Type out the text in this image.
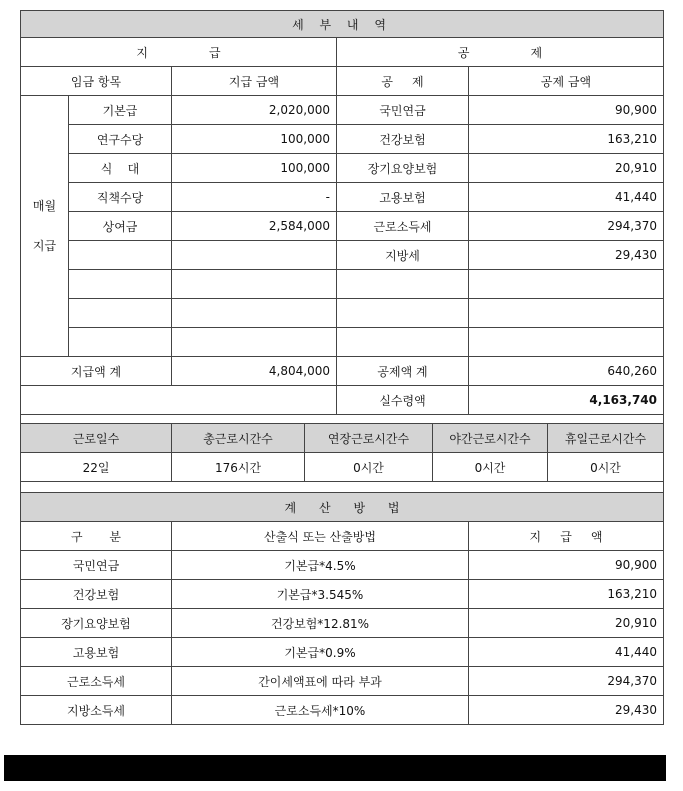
세 부 내 역				
지                급			공                제	
임금 항목		지급 금액	공     제	공제 금액

매월
지급	기본급	2,020,000	국민연금	90,900
	연구수당	100,000	건강보험	163,210
	식    대	100,000	장기요양보험	20,910
	직책수당	-	고용보험	41,440
	상여금	2,584,000	근로소득세	294,370
			지방세	29,430

지급액 계		4,804,000	공제액 계	640,260
			실수령액	4,163,740

근로일수	총근로시간수	연장근로시간수	야간근로시간수	휴일근로시간수
22일	176시간	0시간	0시간	0시간

계      산      방      법		
구       분	산출식 또는 산출방법	지     급     액
국민연금	기본급*4.5%	90,900
건강보험	기본급*3.545%	163,210
장기요양보험	건강보험*12.81%	20,910
고용보험	기본급*0.9%	41,440
근로소득세	간이세액표에 따라 부과	294,370
지방소득세	근로소득세*10%	29,430
